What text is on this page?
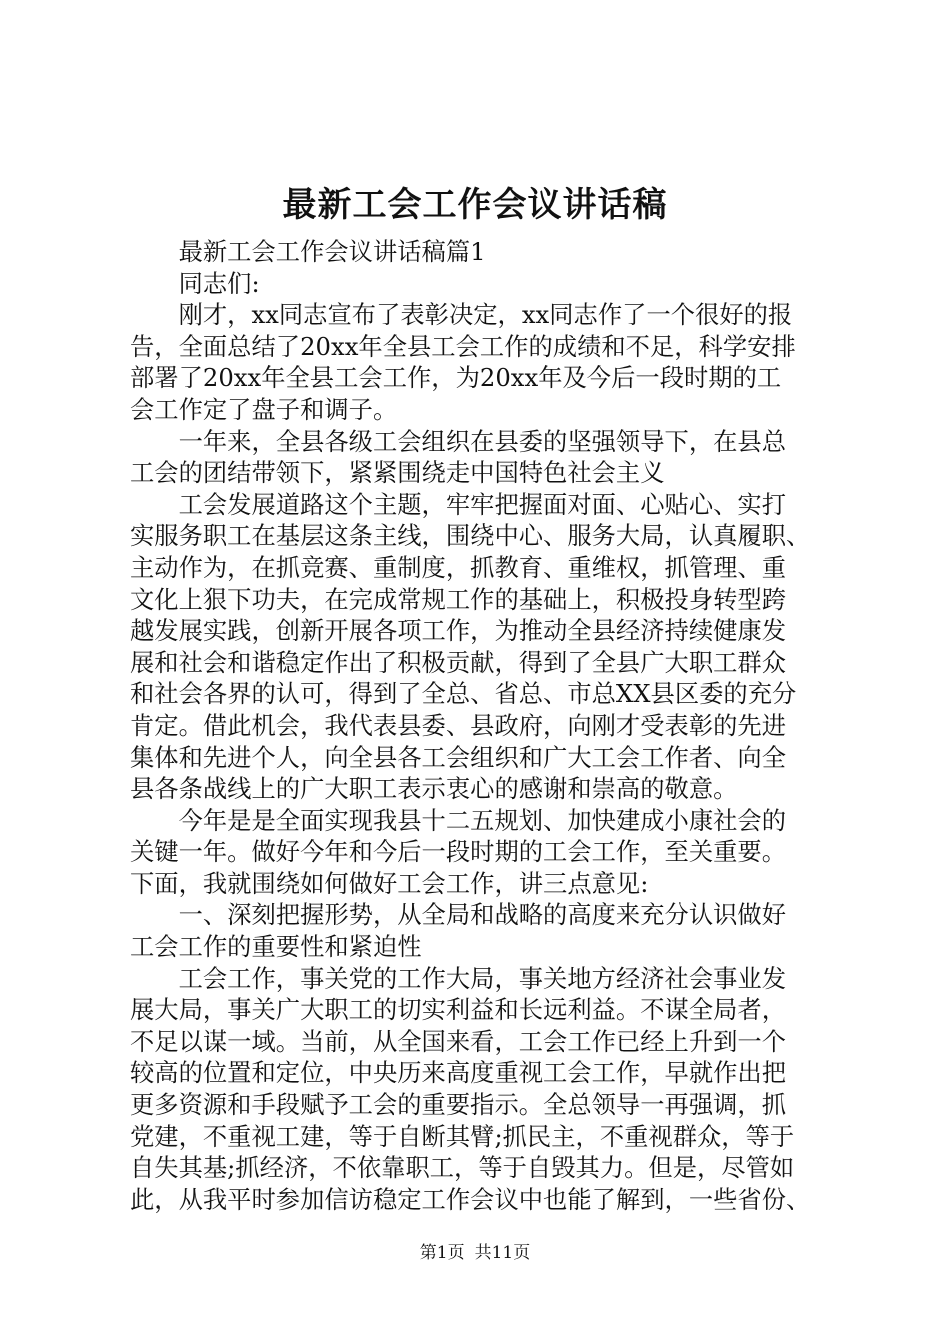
最新工会工作会议讲话稿
　　最新工会工作会议讲话稿篇1
　　同志们:
　　刚才，xx同志宣布了表彰决定，xx同志作了一个很好的报
告，全面总结了20xx年全县工会工作的成绩和不足，科学安排
部署了20xx年全县工会工作，为20xx年及今后一段时期的工
会工作定了盘子和调子。
　　一年来，全县各级工会组织在县委的坚强领导下，在县总
工会的团结带领下，紧紧围绕走中国特色社会主义
　　工会发展道路这个主题，牢牢把握面对面、心贴心、实打
实服务职工在基层这条主线，围绕中心、服务大局，认真履职、
主动作为，在抓竞赛、重制度，抓教育、重维权，抓管理、重
文化上狠下功夫，在完成常规工作的基础上，积极投身转型跨
越发展实践，创新开展各项工作，为推动全县经济持续健康发
展和社会和谐稳定作出了积极贡献，得到了全县广大职工群众
和社会各界的认可，得到了全总、省总、市总XX县区委的充分
肯定。借此机会，我代表县委、县政府，向刚才受表彰的先进
集体和先进个人，向全县各工会组织和广大工会工作者、向全
县各条战线上的广大职工表示衷心的感谢和崇高的敬意。
　　今年是是全面实现我县十二五规划、加快建成小康社会的
关键一年。做好今年和今后一段时期的工会工作，至关重要。
下面，我就围绕如何做好工会工作，讲三点意见:
　　一、深刻把握形势，从全局和战略的高度来充分认识做好
工会工作的重要性和紧迫性
　　工会工作，事关党的工作大局，事关地方经济社会事业发
展大局，事关广大职工的切实利益和长远利益。不谋全局者，
不足以谋一域。当前，从全国来看，工会工作已经上升到一个
较高的位置和定位，中央历来高度重视工会工作，早就作出把
更多资源和手段赋予工会的重要指示。全总领导一再强调，抓
党建，不重视工建，等于自断其臂;抓民主，不重视群众，等于
自失其基;抓经济，不依靠职工，等于自毁其力。但是，尽管如
此，从我平时参加信访稳定工作会议中也能了解到，一些省份、
第1页 共11页
